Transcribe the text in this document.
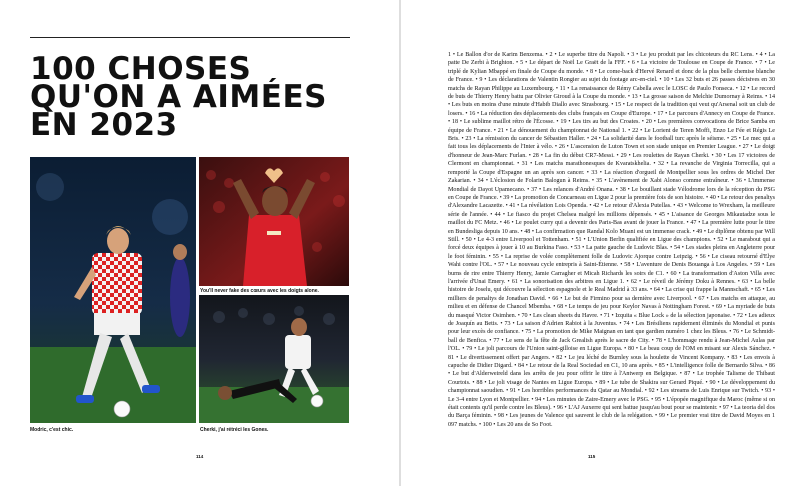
100 CHOSES
QU'ON A AIMÉES
EN 2023
You'll never fake des cœurs avec les doigts alone.
Modric, c'est chic.	Cherki, j'ai rétréci les Gones.
114
1 • Le Ballon d'or de Karim Benzema. • 2 • Le superbe titre du Napoli. • 3 • Le jeu produit par les chicoteurs du RC Lens. • 4 • La patte De Zerbi à Brighton. • 5 • Le départ de Noël Le Graët de la FFF. • 6 • La victoire de Toulouse en Coupe de France. • 7 • Le triplé de Kylian Mbappé en finale de Coupe du monde. • 8 • Le come-back d'Hervé Renard et donc de la plus belle chemise blanche de France. • 9 • Les déclarations de Valentin Rongier au sujet du footage arc-en-ciel. • 10 • Les 32 buts et 26 passes décisives en 30 matchs de Rayan Philippe au Luxembourg. • 11 • La renaissance de Rémy Cabella avec le LOSC de Paulo Fonseca. • 12 • Le record de buts de Thierry Henry battu par Olivier Giroud à la Coupe du monde. • 13 • La grosse saison de Melchie Dumornay à Reims. • 14 • Les buts en moins d'une minute d'Habib Diallo avec Strasbourg. • 15 • Le respect de la tradition qui veut qu'Arsenal soit un club de losers. • 16 • La réduction des déplacements des clubs français en Coupe d'Europe. • 17 • Le parcours d'Annecy en Coupe de France. • 18 • Le sublime maillot rétro de l'Écosse. • 19 • Les tirs au but des Croates. • 20 • Les premières convocations de Brice Samba en équipe de France. • 21 • Le dénouement du championnat de National 1. • 22 • Le Lorient de Teren Moffi, Enzo Le Fée et Régis Le Bris. • 23 • La rémission du cancer de Sébastien Haller. • 24 • La solidarité dans le football turc après le séisme. • 25 • Le mec qui a fait tous les déplacements de l'Inter à vélo. • 26 • L'ascension de Luton Town et son stade unique en Premier League. • 27 • Le doigt d'honneur de Jean-Marc Furlan. • 28 • La fin du début CR7-Messi. • 29 • Les roulettes de Rayan Cherki. • 30 • Les 17 victoires de Clermont en championnat. • 31 • Les matchs marathonesques de Kvaratskhelia. • 32 • La revanche de Virginia Torrecilla, qui a remporté la Coupe d'Espagne un an après son cancer. • 33 • La réaction d'orgueil de Montpellier sous les ordres de Michel Der Zakarian. • 34 • L'éclosion de Folarin Balogun à Reims. • 35 • L'avènement de Xabi Alonso comme entraîneur. • 36 • L'immense Mondial de Dayot Upamecano. • 37 • Les relances d'André Onana. • 38 • Le bouillant stade Vélodrome lors de la réception du PSG en Coupe de France. • 39 • La promotion de Concarneau en Ligue 2 pour la première fois de son histoire. • 40 • Le retour des penaltys d'Alexandre Lacazette. • 41 • La révélation Lois Openda. • 42 • Le retour d'Alexia Putellas. • 43 • Welcome to Wrexham, la meilleure série de l'année. • 44 • Le fiasco du projet Chelsea malgré les millions dépensés. • 45 • L'aisance de Georges Mikautadze sous le maillot du FC Metz. • 46 • Le poulet curry qui a devenir des Paris-Bas avant de jouer la France. • 47 • La première lutte pour le titre en Bundesliga depuis 10 ans. • 48 • La confirmation que Randal Kolo Muani est un immense crack. • 49 • Le diplôme obtenu par Will Still. • 50 • Le 4-3 entre Liverpool et Tottenham. • 51 • L'Union Berlin qualifiée en Ligue des champions. • 52 • Le marabout qui a forcé deux équipes à jouer à 10 au Burkina Faso. • 53 • La patte gauche de Ludovic Blas. • 54 • Les stades pleins en Angleterre pour le foot féminin. • 55 • La reprise de volée complètement folle de Ludovic Ajorque contre Leipzig. • 56 • Le ciseau retourné d'Elye Wahi contre l'OL. • 57 • Le nouveau cycle entrepris à Saint-Étienne. • 58 • L'aventure de Denis Bouanga à Los Angeles. • 59 • Les burns de rire entre Thierry Henry, Jamie Carragher et Micah Richards les soirs de C1. • 60 • La transformation d'Aston Villa avec l'arrivée d'Unai Emery. • 61 • La sonorisation des arbitres en Ligue 1. • 62 • Le réveil de Jérémy Doku à Rennes. • 63 • La belle histoire de Joselu, qui découvre la sélection espagnole et le Real Madrid à 33 ans. • 64 • La crise qui frappe la Mannschaft. • 65 • Les milliers de penaltys de Jonathan David. • 66 • Le but de Firmino pour sa dernière avec Liverpool. • 67 • Les matchs en attaque, au milieu et en défense de Chancel Mbemba. • 68 • Le temps de jeu pour Keylor Navas à Nottingham Forest. • 69 • La myriade de buts du masqué Victor Osimhen. • 70 • Les clean sheets du Havre. • 71 • Izquita « Blue Lock » de la sélection japonaise. • 72 • Les adieux de Joaquín au Betis. • 73 • La saison d'Adrien Rabiot à la Juventus. • 74 • Les Brésiliens rapidement éliminés du Mondial et punis pour leur excès de confiance. • 75 • La promotion de Mike Maignan en tant que gardien numéro 1 chez les Bleus. • 76 • Le Schmidt-ball de Benfica. • 77 • Le sens de la fête de Jack Grealish après le sacre de City. • 78 • L'hommage rendu à Jean-Michel Aulas par l'OL. • 79 • Le joli parcours de l'Union saint-gilloise en Ligue Europa. • 80 • Le beau coup de l'OM en misant sur Alexis Sánchez. • 81 • Le divertissement offert par Angers. • 82 • Le jeu léché de Burnley sous la houlette de Vincent Kompany. • 83 • Les envois à capuche de Didier Digard. • 84 • Le retour de la Real Sociedad en C1, 10 ans après. • 85 • L'intelligence folle de Bernardo Silva. • 86 • Le but d'Alderweireld dans les arrêts de jeu pour offrir le titre à l'Antwerp en Belgique. • 87 • Le trophée Talisme de Thibaut Courtois. • 88 • Le joli visage de Nantes en Ligue Europa. • 89 • Le tube de Shakira sur Gerard Piqué. • 90 • Le développement du championnat saoudien. • 91 • Les horribles performances du Qatar au Mondial. • 92 • Les streams de Luis Enrique sur Twitch. • 93 • Le 3-4 entre Lyon et Montpellier. • 94 • Les minutes de Zaire-Emery avec le PSG. • 95 • L'épopée magnifique du Maroc (même si on était contents qu'il perde contre les Bleus). • 96 • L'AJ Auxerre qui sent battue jusqu'au bout pour se maintenir. • 97 • La teoria del dos du Barça féminin. • 98 • Les jeunes de Valence qui sauvent le club de la relégation. • 99 • Le premier vrai titre de David Moyes en 1 097 matchs. • 100 • Les 20 ans de So Foot.
115
